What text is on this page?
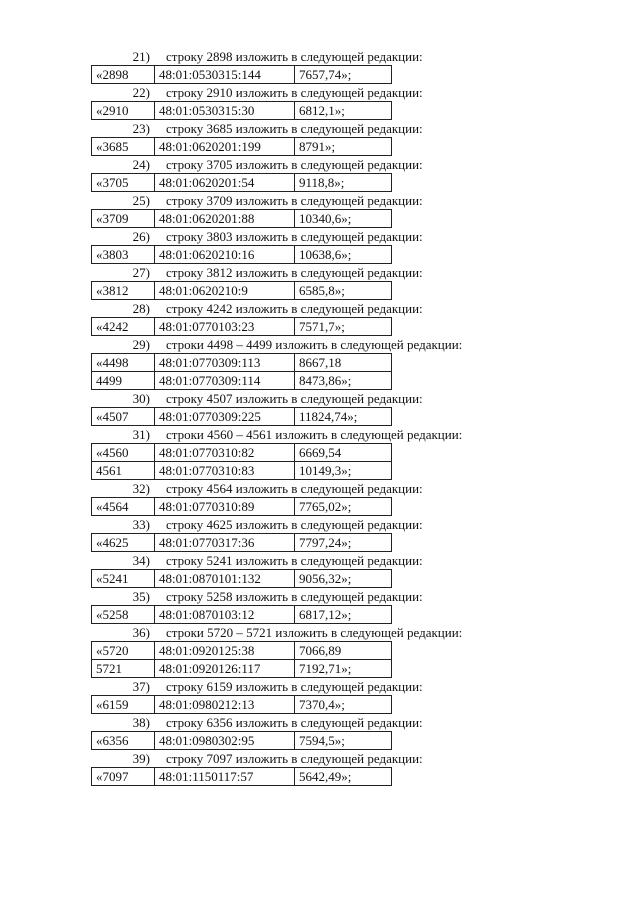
21) строку 2898 изложить в следующей редакции:
«2898	48:01:0530315:144	7657,74»;
22) строку 2910 изложить в следующей редакции:
«2910	48:01:0530315:30	6812,1»;
23) строку 3685 изложить в следующей редакции:
«3685	48:01:0620201:199	8791»;
24) строку 3705 изложить в следующей редакции:
«3705	48:01:0620201:54	9118,8»;
25) строку 3709 изложить в следующей редакции:
«3709	48:01:0620201:88	10340,6»;
26) строку 3803 изложить в следующей редакции:
«3803	48:01:0620210:16	10638,6»;
27) строку 3812 изложить в следующей редакции:
«3812	48:01:0620210:9	6585,8»;
28) строку 4242 изложить в следующей редакции:
«4242	48:01:0770103:23	7571,7»;
29) строки 4498 – 4499 изложить в следующей редакции:
«4498	48:01:0770309:113	8667,18
4499	48:01:0770309:114	8473,86»;
30) строку 4507 изложить в следующей редакции:
«4507	48:01:0770309:225	11824,74»;
31) строки 4560 – 4561 изложить в следующей редакции:
«4560	48:01:0770310:82	6669,54
4561	48:01:0770310:83	10149,3»;
32) строку 4564 изложить в следующей редакции:
«4564	48:01:0770310:89	7765,02»;
33) строку 4625 изложить в следующей редакции:
«4625	48:01:0770317:36	7797,24»;
34) строку 5241 изложить в следующей редакции:
«5241	48:01:0870101:132	9056,32»;
35) строку 5258 изложить в следующей редакции:
«5258	48:01:0870103:12	6817,12»;
36) строки 5720 – 5721 изложить в следующей редакции:
«5720	48:01:0920125:38	7066,89
5721	48:01:0920126:117	7192,71»;
37) строку 6159 изложить в следующей редакции:
«6159	48:01:0980212:13	7370,4»;
38) строку 6356 изложить в следующей редакции:
«6356	48:01:0980302:95	7594,5»;
39) строку 7097 изложить в следующей редакции:
«7097	48:01:1150117:57	5642,49»;
